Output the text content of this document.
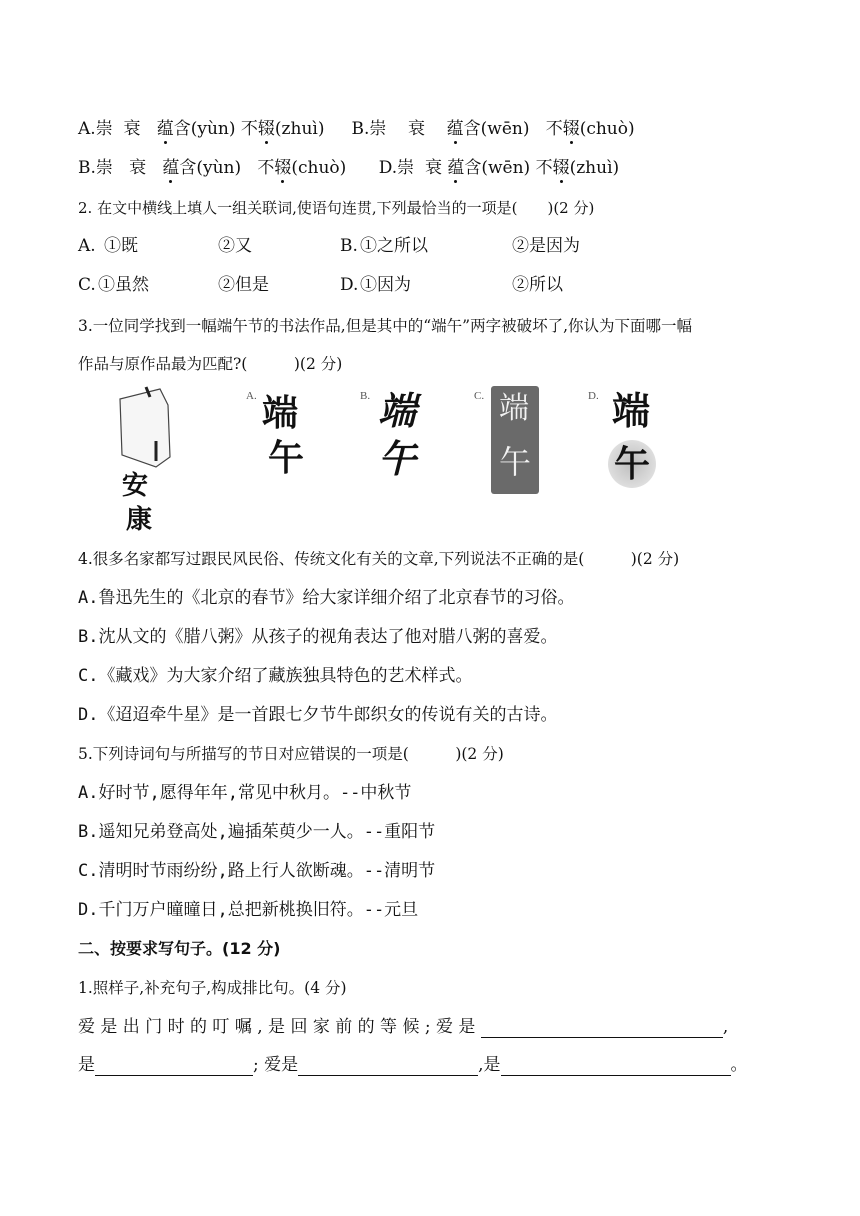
A.崇 衰 蕴含(yùn) 不辍(zhuì) B.崇 衰 蕴含(wēn) 不辍(chuò)
B.崇 衰 蕴含(yùn) 不辍(chuò) D.崇 衰 蕴含(wēn) 不辍(zhuì)
2. 在文中横线上填人一组关联词,使语句连贯,下列最恰当的一项是(　　)(2 分)
A. ①既	②又	B. ①之所以	②是因为
C. ①虽然	②但是	D. ①因为	②所以
3.一位同学找到一幅端午节的书法作品,但是其中的“端午”两字被破坏了,你认为下面哪一幅
作品与原作品最为匹配?(　　　)(2 分)
安
康
A. 端
午
B. 端
午
C. 端
午
D. 端
午
4.很多名家都写过跟民风民俗、传统文化有关的文章,下列说法不正确的是(　　　)(2 分)
A.鲁迅先生的《北京的春节》给大家详细介绍了北京春节的习俗。
B.沈从文的《腊八粥》从孩子的视角表达了他对腊八粥的喜爱。
C.《藏戏》为大家介绍了藏族独具特色的艺术样式。
D.《迢迢牵牛星》是一首跟七夕节牛郎织女的传说有关的古诗。
5.下列诗词句与所描写的节日对应错误的一项是(　　　)(2 分)
A.好时节,愿得年年,常见中秋月。--中秋节
B.遥知兄弟登高处,遍插茱萸少一人。--重阳节
C.清明时节雨纷纷,路上行人欲断魂。--清明节
D.千门万户曈曈日,总把新桃换旧符。--元旦
二、按要求写句子。(12 分)
1.照样子,补充句子,构成排比句。(4 分)
爱 是 出 门 时 的 叮 嘱 , 是 回 家 前 的 等 候 ; 爱 是	,
是	; 爱是	,是	。
